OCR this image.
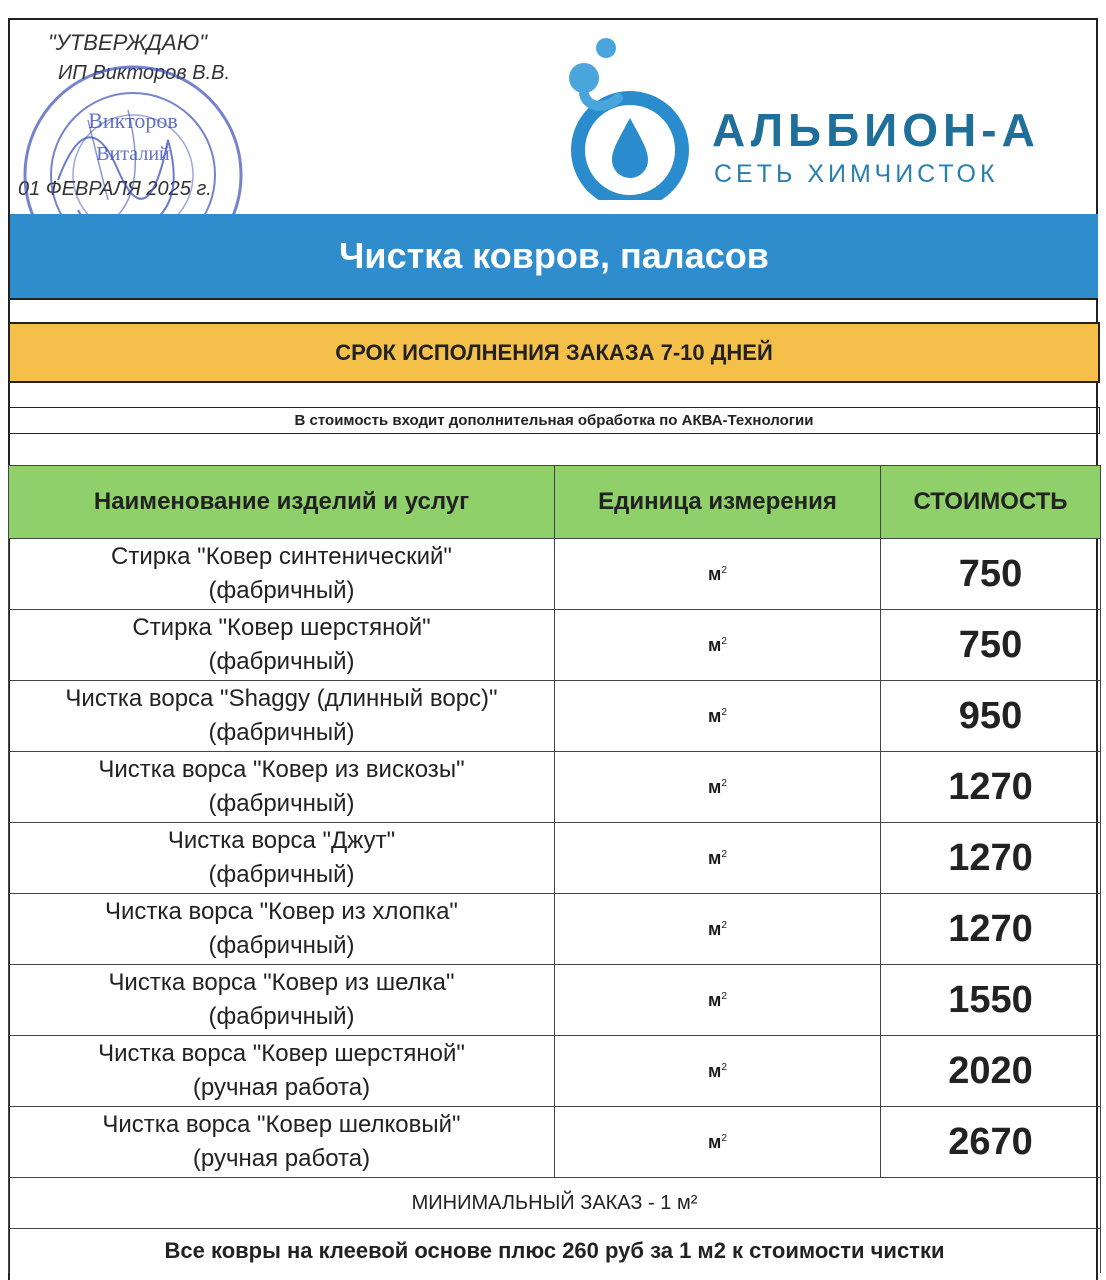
"УТВЕРЖДАЮ"
ИП Викторов В.В.
01 ФЕВРАЛЯ 2025 г.
Викторов
Виталий	АЛЬБИОН-А
СЕТЬ ХИМЧИСТОК
Чистка ковров, паласов
СРОК ИСПОЛНЕНИЯ ЗАКАЗА 7-10 ДНЕЙ
В стоимость входит дополнительная обработка по АКВА-Технологии
Наименование изделий и услуг	Единица измерения	СТОИМОСТЬ

Стирка "Ковер синтенический"
(фабричный)	$м^2$	750

Стирка "Ковер шерстяной"
(фабричный)	$м^2$	750

Чистка ворса "Shaggy (длинный ворс)"
(фабричный)	$м^2$	950

Чистка ворса "Ковер из вискозы"
(фабричный)	$м^2$	1270

Чистка ворса "Джут"
(фабричный)	$м^2$	1270

Чистка ворса "Ковер из хлопка"
(фабричный)	$м^2$	1270

Чистка ворса "Ковер из шелка"
(фабричный)	$м^2$	1550

Чистка ворса "Ковер шерстяной"
(ручная работа)	$м^2$	2020

Чистка ворса "Ковер шелковый"
(ручная работа)	$м^2$	2670
МИНИМАЛЬНЫЙ ЗАКАЗ - 1 м²		
Все ковры на клеевой основе плюс 260 руб за 1 м2 к стоимости чистки		
